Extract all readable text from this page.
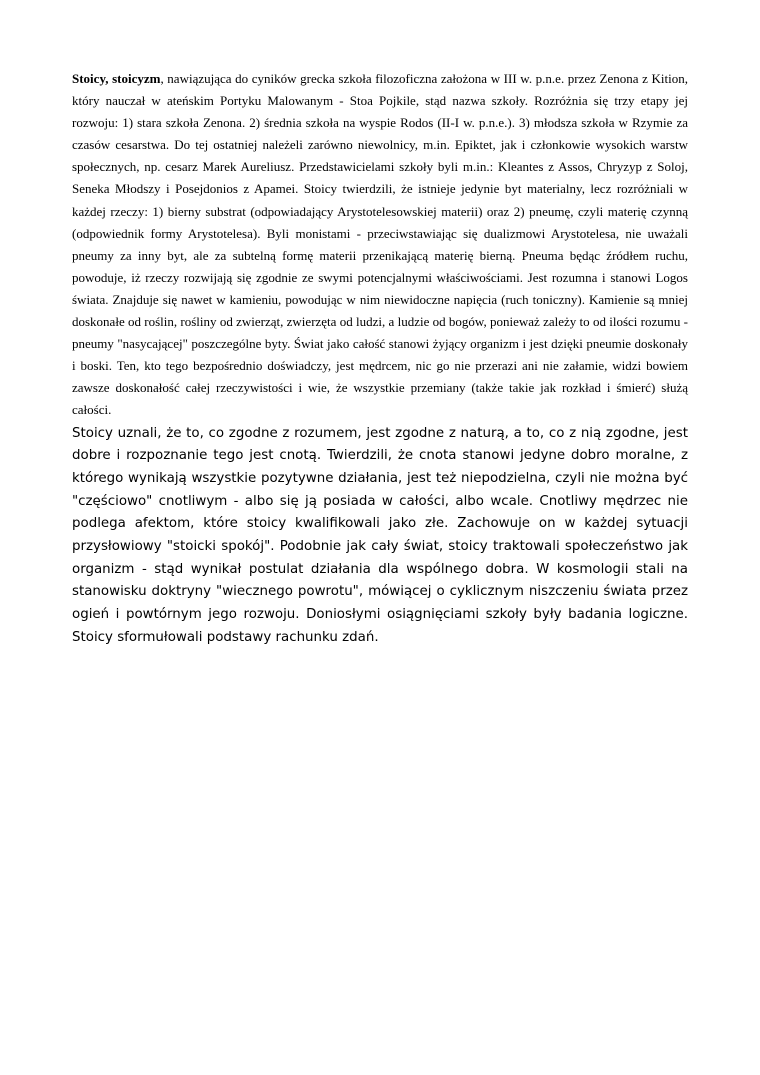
Stoicy, stoicyzm, nawiązująca do cyników grecka szkoła filozoficzna założona w III w. p.n.e. przez Zenona z Kition, który nauczał w ateńskim Portyku Malowanym - Stoa Pojkile, stąd nazwa szkoły. Rozróżnia się trzy etapy jej rozwoju: 1) stara szkoła Zenona. 2) średnia szkoła na wyspie Rodos (II-I w. p.n.e.). 3) młodsza szkoła w Rzymie za czasów cesarstwa. Do tej ostatniej należeli zarówno niewolnicy, m.in. Epiktet, jak i członkowie wysokich warstw społecznych, np. cesarz Marek Aureliusz. Przedstawicielami szkoły byli m.in.: Kleantes z Assos, Chryzyp z Soloj, Seneka Młodszy i Posejdonios z Apamei. Stoicy twierdzili, że istnieje jedynie byt materialny, lecz rozróżniali w każdej rzeczy: 1) bierny substrat (odpowiadający Arystotelesowskiej materii) oraz 2) pneumę, czyli materię czynną (odpowiednik formy Arystotelesa). Byli monistami - przeciwstawiając się dualizmowi Arystotelesa, nie uważali pneumy za inny byt, ale za subtelną formę materii przenikającą materię bierną. Pneuma będąc źródłem ruchu, powoduje, iż rzeczy rozwijają się zgodnie ze swymi potencjalnymi właściwościami. Jest rozumna i stanowi Logos świata. Znajduje się nawet w kamieniu, powodując w nim niewidoczne napięcia (ruch toniczny). Kamienie są mniej doskonałe od roślin, rośliny od zwierząt, zwierzęta od ludzi, a ludzie od bogów, ponieważ zależy to od ilości rozumu - pneumy "nasycającej" poszczególne byty. Świat jako całość stanowi żyjący organizm i jest dzięki pneumie doskonały i boski. Ten, kto tego bezpośrednio doświadczy, jest mędrcem, nic go nie przerazi ani nie załamie, widzi bowiem zawsze doskonałość całej rzeczywistości i wie, że wszystkie przemiany (także takie jak rozkład i śmierć) służą całości.

Stoicy uznali, że to, co zgodne z rozumem, jest zgodne z naturą, a to, co z nią zgodne, jest dobre i rozpoznanie tego jest cnotą. Twierdzili, że cnota stanowi jedyne dobro moralne, z którego wynikają wszystkie pozytywne działania, jest też niepodzielna, czyli nie można być "częściowo" cnotliwym - albo się ją posiada w całości, albo wcale. Cnotliwy mędrzec nie podlega afektom, które stoicy kwalifikowali jako złe. Zachowuje on w każdej sytuacji przysłowiowy "stoicki spokój". Podobnie jak cały świat, stoicy traktowali społeczeństwo jak organizm - stąd wynikał postulat działania dla wspólnego dobra. W kosmologii stali na stanowisku doktryny "wiecznego powrotu", mówiącej o cyklicznym niszczeniu świata przez ogień i powtórnym jego rozwoju. Doniosłymi osiągnięciami szkoły były badania logiczne. Stoicy sformułowali podstawy rachunku zdań.
